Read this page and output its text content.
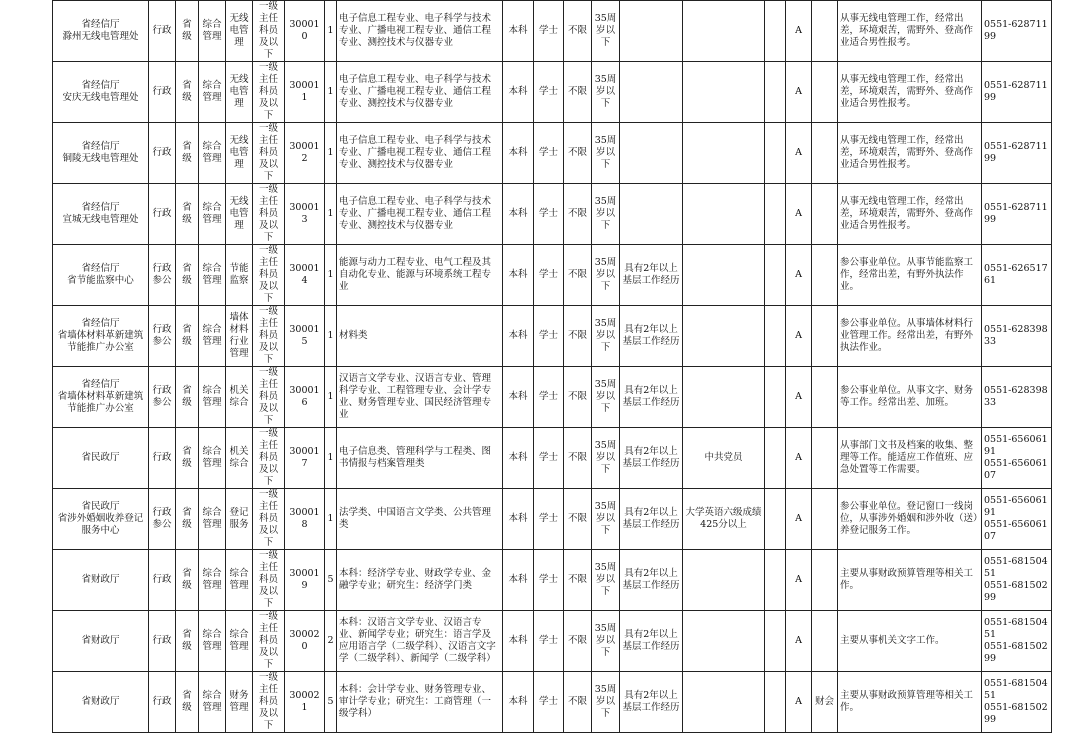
省经信厅
滁州无线电管理处	行政	省级	综合管理	无线电管理	一级主任科员及以下	300010	1	电子信息工程专业、电子科学与技术专业、广播电视工程专业、通信工程专业、测控技术与仪器专业	本科	学士	不限	35周岁以下				A		从事无线电管理工作，经常出差，环境艰苦，需野外、登高作业适合男性报考。	0551-62871199

省经信厅
安庆无线电管理处	行政	省级	综合管理	无线电管理	一级主任科员及以下	300011	1	电子信息工程专业、电子科学与技术专业、广播电视工程专业、通信工程专业、测控技术与仪器专业	本科	学士	不限	35周岁以下				A		从事无线电管理工作，经常出差，环境艰苦，需野外、登高作业适合男性报考。	0551-62871199

省经信厅
铜陵无线电管理处	行政	省级	综合管理	无线电管理	一级主任科员及以下	300012	1	电子信息工程专业、电子科学与技术专业、广播电视工程专业、通信工程专业、测控技术与仪器专业	本科	学士	不限	35周岁以下				A		从事无线电管理工作，经常出差，环境艰苦，需野外、登高作业适合男性报考。	0551-62871199

省经信厅
宣城无线电管理处	行政	省级	综合管理	无线电管理	一级主任科员及以下	300013	1	电子信息工程专业、电子科学与技术专业、广播电视工程专业、通信工程专业、测控技术与仪器专业	本科	学士	不限	35周岁以下				A		从事无线电管理工作，经常出差，环境艰苦，需野外、登高作业适合男性报考。	0551-62871199

省经信厅
省节能监察中心	行政参公	省级	综合管理	节能监察	一级主任科员及以下	300014	1	能源与动力工程专业、电气工程及其自动化专业、能源与环境系统工程专业	本科	学士	不限	35周岁以下	具有2年以上基层工作经历			A		参公事业单位。从事节能监察工作，经常出差，有野外执法作业。	0551-62651761

省经信厅
省墙体材料革新建筑节能推广办公室	行政参公	省级	综合管理	墙体材料行业管理	一级主任科员及以下	300015	1	材料类	本科	学士	不限	35周岁以下	具有2年以上基层工作经历			A		参公事业单位。从事墙体材料行业管理工作。经常出差，有野外执法作业。	0551-62839833

省经信厅
省墙体材料革新建筑节能推广办公室	行政参公	省级	综合管理	机关综合	一级主任科员及以下	300016	1	汉语言文学专业、汉语言专业、管理科学专业、工程管理专业、会计学专业、财务管理专业、国民经济管理专业	本科	学士	不限	35周岁以下	具有2年以上基层工作经历			A		参公事业单位。从事文字、财务等工作。经常出差、加班。	0551-62839833

省民政厅	行政	省级	综合管理	机关综合	一级主任科员及以下	300017	1	电子信息类、管理科学与工程类、图书情报与档案管理类	本科	学士	不限	35周岁以下	具有2年以上基层工作经历	中共党员		A		从事部门文书及档案的收集、整理等工作。能适应工作值班、应急处置等工作需要。	0551-65606191
0551-65606107

省民政厅
省涉外婚姻收养登记服务中心	行政参公	省级	综合管理	登记服务	一级主任科员及以下	300018	1	法学类、中国语言文学类、公共管理类	本科	学士	不限	35周岁以下	具有2年以上基层工作经历	大学英语六级成绩425分以上		A		参公事业单位。登记窗口一线岗位，从事涉外婚姻和涉外收（送）养登记服务工作。	0551-65606191
0551-65606107

省财政厅	行政	省级	综合管理	综合管理	一级主任科员及以下	300019	5	本科：经济学专业、财政学专业、金融学专业；研究生：经济学门类	本科	学士	不限	35周岁以下	具有2年以上基层工作经历			A		主要从事财政预算管理等相关工作。	0551-68150451
0551-68150299

省财政厅	行政	省级	综合管理	综合管理	一级主任科员及以下	300020	2	本科：汉语言文学专业、汉语言专业、新闻学专业；研究生：语言学及应用语言学（二级学科）、汉语言文字学（二级学科）、新闻学（二级学科）	本科	学士	不限	35周岁以下	具有2年以上基层工作经历			A		主要从事机关文字工作。	0551-68150451
0551-68150299

省财政厅	行政	省级	综合管理	财务管理	一级主任科员及以下	300021	5	本科：会计学专业、财务管理专业、审计学专业；研究生：工商管理（一级学科）	本科	学士	不限	35周岁以下	具有2年以上基层工作经历			A	财会	主要从事财政预算管理等相关工作。	0551-68150451
0551-68150299
